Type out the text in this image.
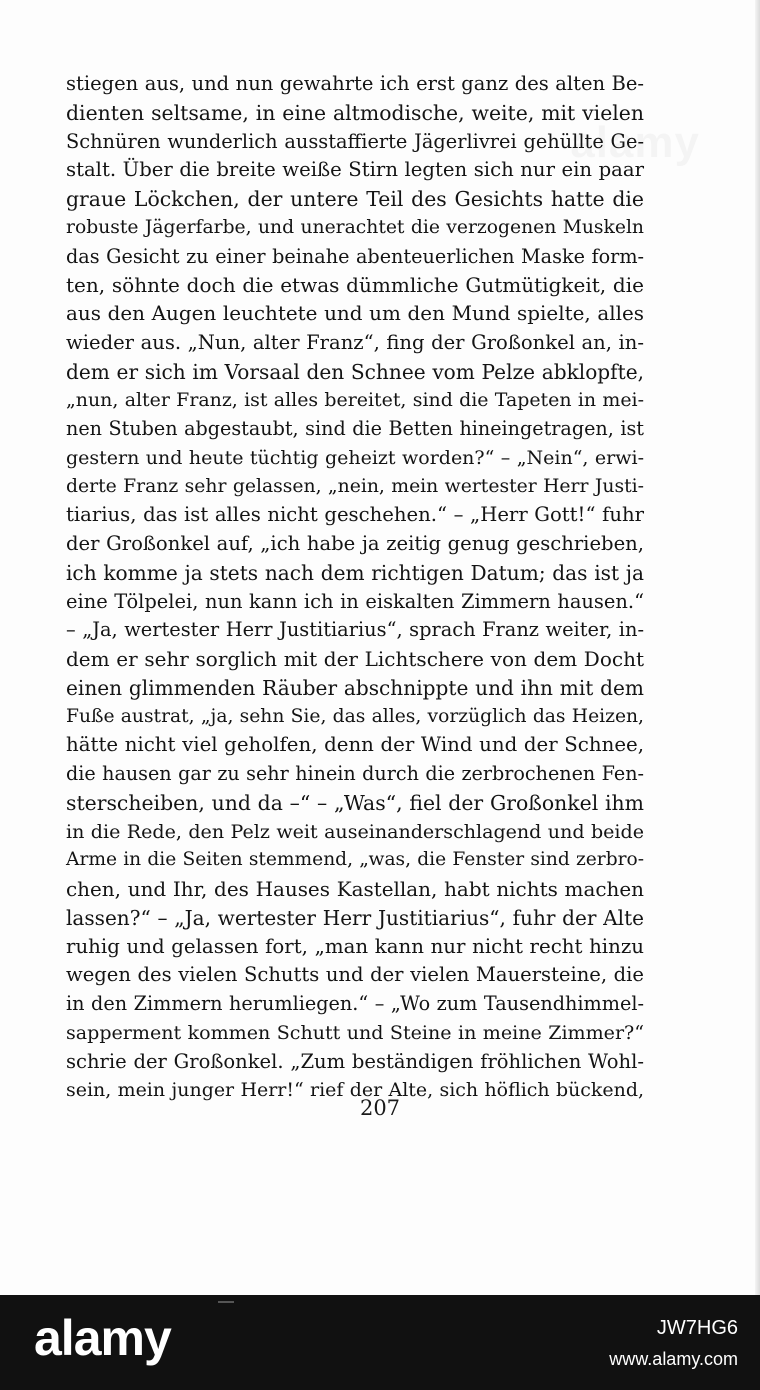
stiegen aus, und nun gewahrte ich erst ganz des alten Be-
dienten seltsame, in eine altmodische, weite, mit vielen
Schnüren wunderlich ausstaffierte Jägerlivrei gehüllte Ge-
stalt. Über die breite weiße Stirn legten sich nur ein paar
graue Löckchen, der untere Teil des Gesichts hatte die
robuste Jägerfarbe, und unerachtet die verzogenen Muskeln
das Gesicht zu einer beinahe abenteuerlichen Maske form-
ten, söhnte doch die etwas dümmliche Gutmütigkeit, die
aus den Augen leuchtete und um den Mund spielte, alles
wieder aus. „Nun, alter Franz“, fing der Großonkel an, in-
dem er sich im Vorsaal den Schnee vom Pelze abklopfte,
„nun, alter Franz, ist alles bereitet, sind die Tapeten in mei-
nen Stuben abgestaubt, sind die Betten hineingetragen, ist
gestern und heute tüchtig geheizt worden?“ – „Nein“, erwi-
derte Franz sehr gelassen, „nein, mein wertester Herr Justi-
tiarius, das ist alles nicht geschehen.“ – „Herr Gott!“ fuhr
der Großonkel auf, „ich habe ja zeitig genug geschrieben,
ich komme ja stets nach dem richtigen Datum; das ist ja
eine Tölpelei, nun kann ich in eiskalten Zimmern hausen.“
– „Ja, wertester Herr Justitiarius“, sprach Franz weiter, in-
dem er sehr sorglich mit der Lichtschere von dem Docht
einen glimmenden Räuber abschnippte und ihn mit dem
Fuße austrat, „ja, sehn Sie, das alles, vorzüglich das Heizen,
hätte nicht viel geholfen, denn der Wind und der Schnee,
die hausen gar zu sehr hinein durch die zerbrochenen Fen-
sterscheiben, und da –“ – „Was“, fiel der Großonkel ihm
in die Rede, den Pelz weit auseinanderschlagend und beide
Arme in die Seiten stemmend, „was, die Fenster sind zerbro-
chen, und Ihr, des Hauses Kastellan, habt nichts machen
lassen?“ – „Ja, wertester Herr Justitiarius“, fuhr der Alte
ruhig und gelassen fort, „man kann nur nicht recht hinzu
wegen des vielen Schutts und der vielen Mauersteine, die
in den Zimmern herumliegen.“ – „Wo zum Tausendhimmel-
sapperment kommen Schutt und Steine in meine Zimmer?“
schrie der Großonkel. „Zum beständigen fröhlichen Wohl-
sein, mein junger Herr!“ rief der Alte, sich höflich bückend,
207
alamy	JW7HG6
www.alamy.com
